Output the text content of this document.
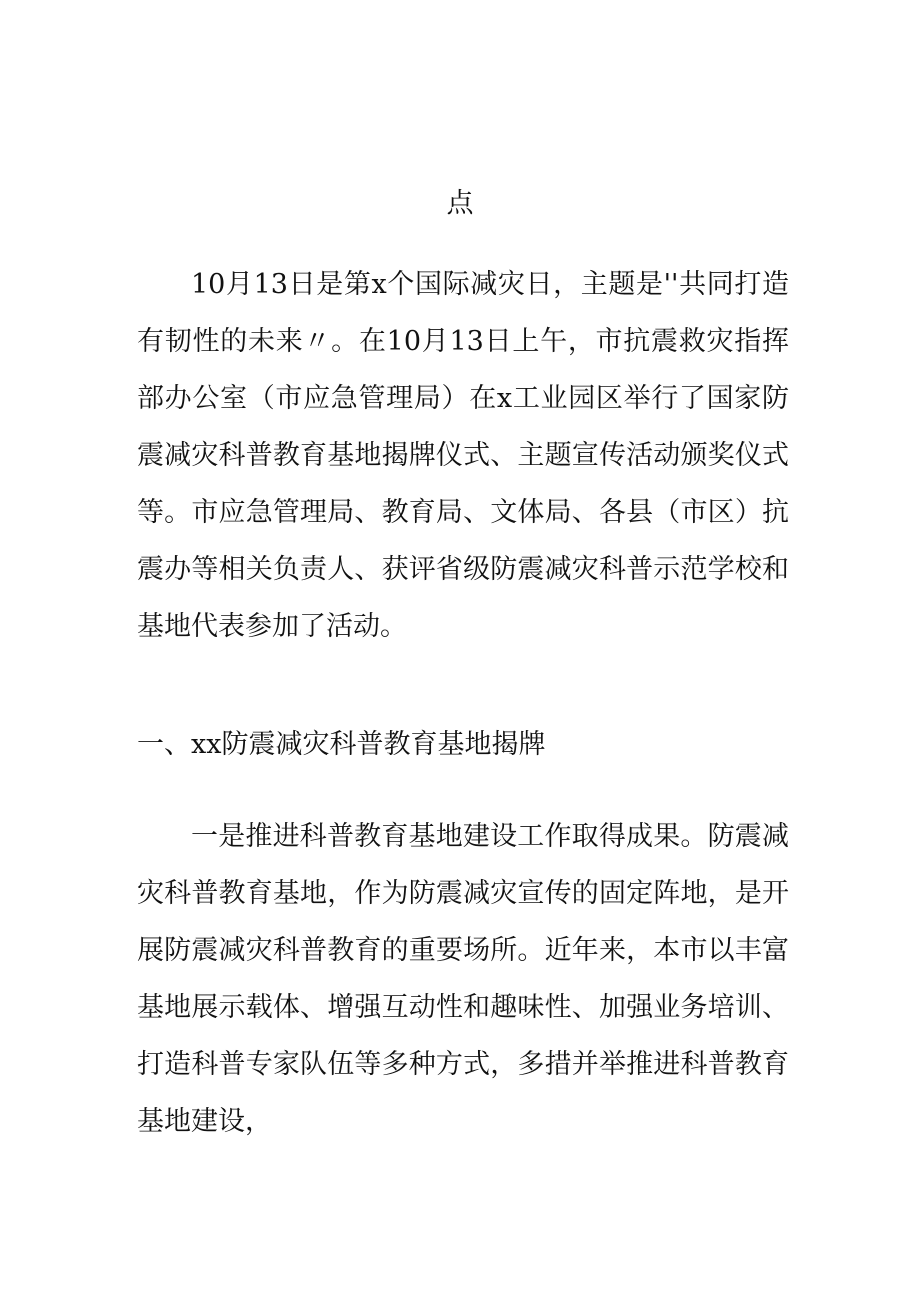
点

10月13日是第x个国际减灾日，主题是''共同打造有韧性的未来〃。在10月13日上午，市抗震救灾指挥部办公室（市应急管理局）在x工业园区举行了国家防震减灾科普教育基地揭牌仪式、主题宣传活动颁奖仪式等。市应急管理局、教育局、文体局、各县（市区）抗震办等相关负责人、获评省级防震减灾科普示范学校和基地代表参加了活动。

一、xx防震减灾科普教育基地揭牌

一是推进科普教育基地建设工作取得成果。防震减灾科普教育基地，作为防震减灾宣传的固定阵地，是开展防震减灾科普教育的重要场所。近年来，本市以丰富基地展示载体、增强互动性和趣味性、加强业务培训、打造科普专家队伍等多种方式，多措并举推进科普教育基地建设，
